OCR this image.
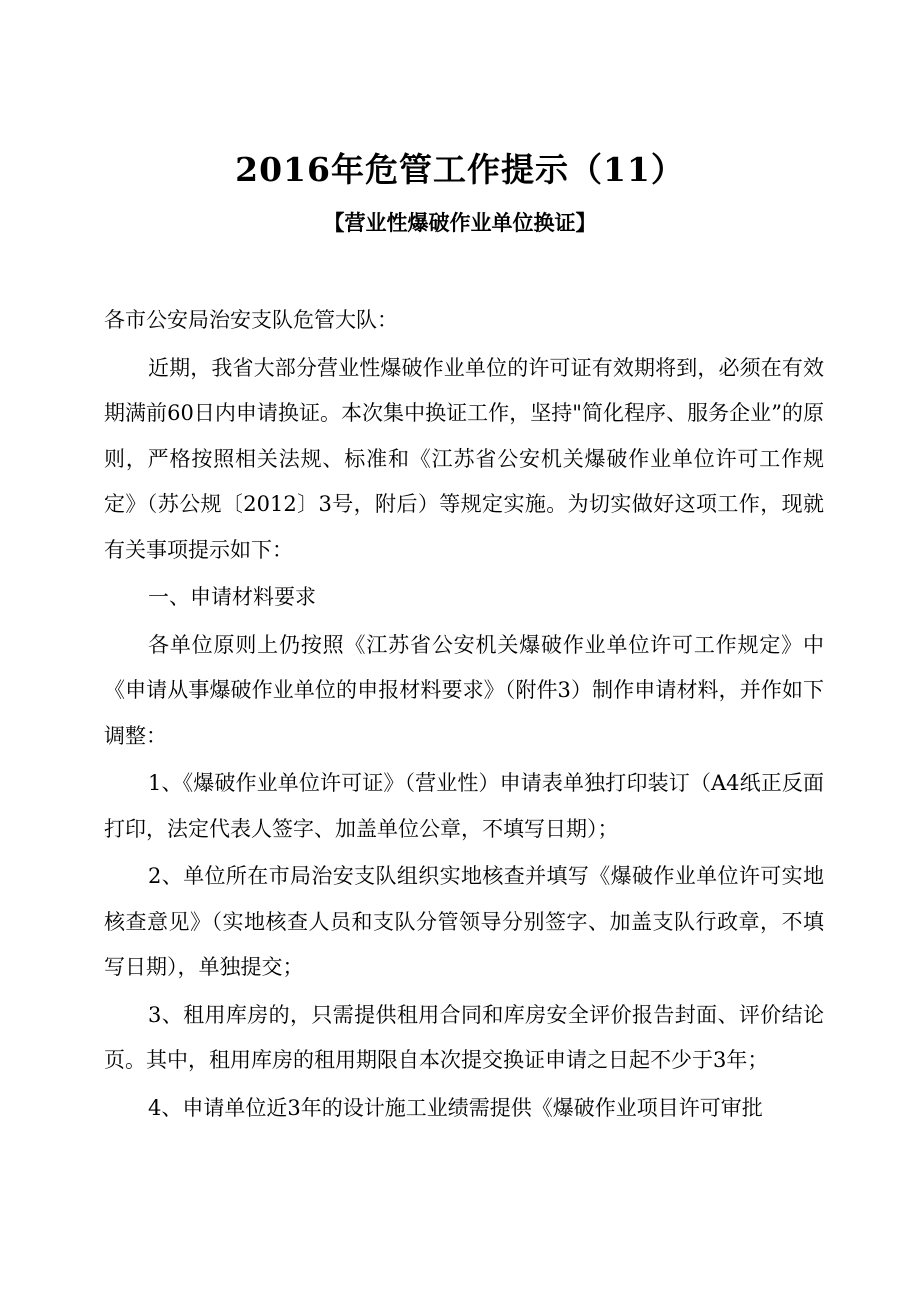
2016年危管工作提示（11）
【营业性爆破作业单位换证】

各市公安局治安支队危管大队：

近期，我省大部分营业性爆破作业单位的许可证有效期将到，必须在有效期满前60日内申请换证。本次集中换证工作，坚持"简化程序、服务企业”的原则，严格按照相关法规、标准和《江苏省公安机关爆破作业单位许可工作规定》（苏公规〔2012〕3号，附后）等规定实施。为切实做好这项工作，现就有关事项提示如下：

一、申请材料要求

各单位原则上仍按照《江苏省公安机关爆破作业单位许可工作规定》中《申请从事爆破作业单位的申报材料要求》（附件3）制作申请材料，并作如下调整：

1、《爆破作业单位许可证》（营业性）申请表单独打印装订（A4纸正反面打印，法定代表人签字、加盖单位公章，不填写日期）；

2、单位所在市局治安支队组织实地核查并填写《爆破作业单位许可实地核查意见》（实地核查人员和支队分管领导分别签字、加盖支队行政章，不填写日期），单独提交；

3、租用库房的，只需提供租用合同和库房安全评价报告封面、评价结论页。其中，租用库房的租用期限自本次提交换证申请之日起不少于3年；

4、申请单位近3年的设计施工业绩需提供《爆破作业项目许可审批
